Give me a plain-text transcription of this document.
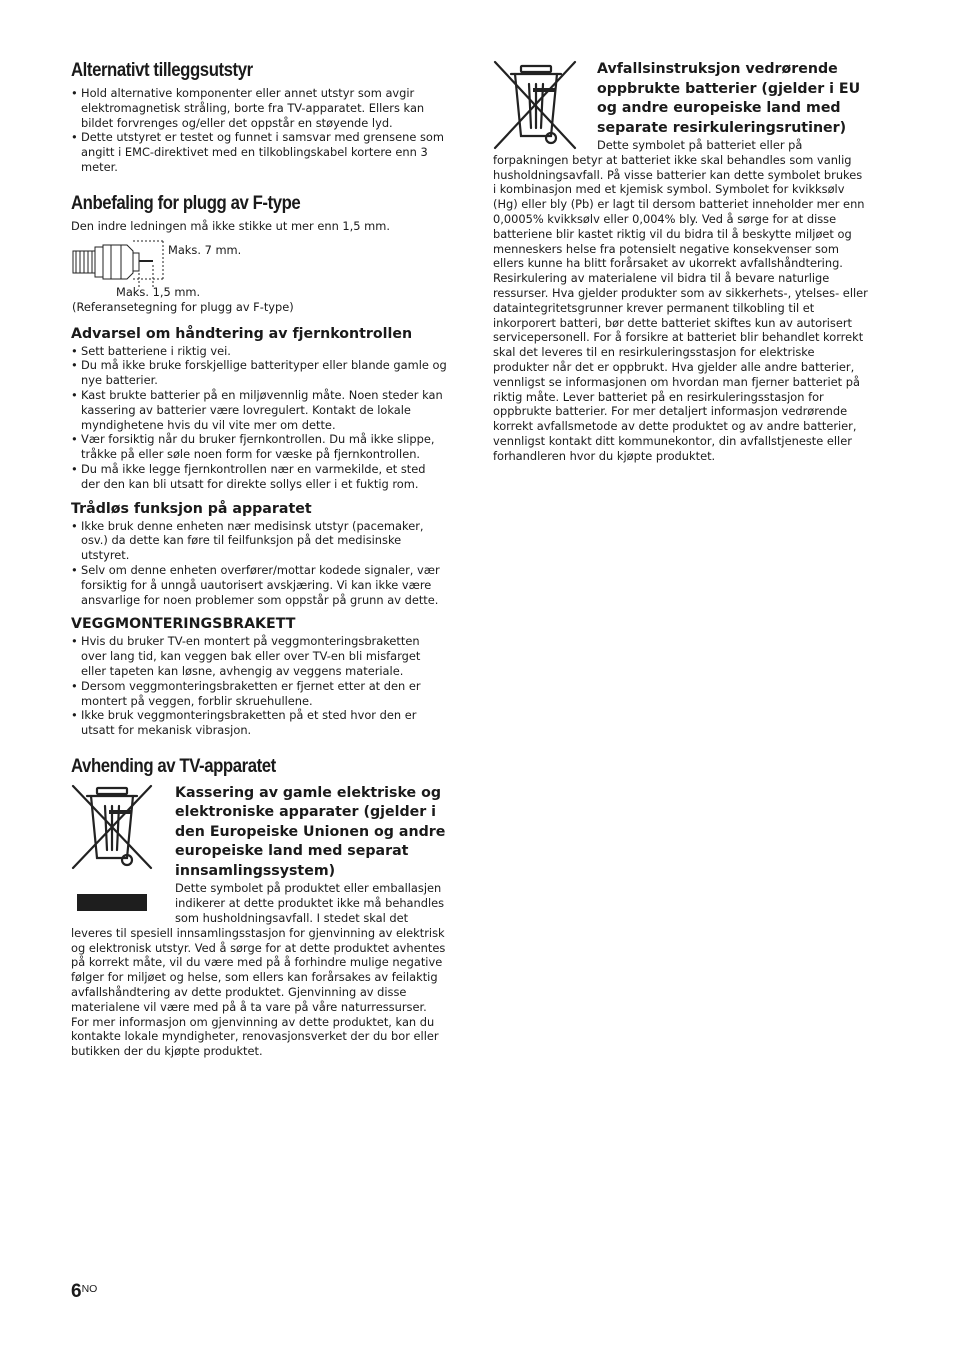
Alternativt tilleggsutstyr
• Hold alternative komponenter eller annet utstyr som avgir elektromagnetisk stråling, borte fra TV-apparatet. Ellers kan bildet forvrenges og/eller det oppstår en støyende lyd.
• Dette utstyret er testet og funnet i samsvar med grensene som angitt i EMC-direktivet med en tilkoblingskabel kortere enn 3 meter.
Anbefaling for plugg av F-type
Den indre ledningen må ikke stikke ut mer enn 1,5 mm.
Maks. 7 mm.
Maks. 1,5 mm.
(Referansetegning for plugg av F-type)
Advarsel om håndtering av fjernkontrollen
• Sett batteriene i riktig vei.
• Du må ikke bruke forskjellige batterityper eller blande gamle og nye batterier.
• Kast brukte batterier på en miljøvennlig måte. Noen steder kan kassering av batterier være lovregulert. Kontakt de lokale myndighetene hvis du vil vite mer om dette.
• Vær forsiktig når du bruker fjernkontrollen. Du må ikke slippe, tråkke på eller søle noen form for væske på fjernkontrollen.
• Du må ikke legge fjernkontrollen nær en varmekilde, et sted der den kan bli utsatt for direkte sollys eller i et fuktig rom.
Trådløs funksjon på apparatet
• Ikke bruk denne enheten nær medisinsk utstyr (pacemaker, osv.) da dette kan føre til feilfunksjon på det medisinske utstyret.
• Selv om denne enheten overfører/mottar kodede signaler, vær forsiktig for å unngå uautorisert avskjæring. Vi kan ikke være ansvarlige for noen problemer som oppstår på grunn av dette.
VEGGMONTERINGSBRAKETT
• Hvis du bruker TV-en montert på veggmonteringsbraketten over lang tid, kan veggen bak eller over TV-en bli misfarget eller tapeten kan løsne, avhengig av veggens materiale.
• Dersom veggmonteringsbraketten er fjernet etter at den er montert på veggen, forblir skruehullene.
• Ikke bruk veggmonteringsbraketten på et sted hvor den er utsatt for mekanisk vibrasjon.
Avhending av TV-apparatet
Kassering av gamle elektriske og elektroniske apparater (gjelder i den Europeiske Unionen og andre europeiske land med separat innsamlingssystem)
Dette symbolet på produktet eller emballasjen indikerer at dette produktet ikke må behandles som husholdningsavfall. I stedet skal det leveres til spesiell innsamlingsstasjon for gjenvinning av elektrisk og elektronisk utstyr. Ved å sørge for at dette produktet avhentes på korrekt måte, vil du være med på å forhindre mulige negative følger for miljøet og helse, som ellers kan forårsakes av feilaktig avfallshåndtering av dette produktet. Gjenvinning av disse materialene vil være med på å ta vare på våre naturressurser. For mer informasjon om gjenvinning av dette produktet, kan du kontakte lokale myndigheter, renovasjonsverket der du bor eller butikken der du kjøpte produktet.
Avfallsinstruksjon vedrørende oppbrukte batterier (gjelder i EU og andre europeiske land med separate resirkuleringsrutiner)
Dette symbolet på batteriet eller på forpakningen betyr at batteriet ikke skal behandles som vanlig husholdningsavfall. På visse batterier kan dette symbolet brukes i kombinasjon med et kjemisk symbol. Symbolet for kvikksølv (Hg) eller bly (Pb) er lagt til dersom batteriet inneholder mer enn 0,0005% kvikksølv eller 0,004% bly. Ved å sørge for at disse batteriene blir kastet riktig vil du bidra til å beskytte miljøet og menneskers helse fra potensielt negative konsekvenser som ellers kunne ha blitt forårsaket av ukorrekt avfallshåndtering. Resirkulering av materialene vil bidra til å bevare naturlige ressurser. Hva gjelder produkter som av sikkerhets-, ytelses- eller dataintegritetsgrunner krever permanent tilkobling til et inkorporert batteri, bør dette batteriet skiftes kun av autorisert servicepersonell. For å forsikre at batteriet blir behandlet korrekt skal det leveres til en resirkuleringsstasjon for elektriske produkter når det er oppbrukt. Hva gjelder alle andre batterier, vennligst se informasjonen om hvordan man fjerner batteriet på riktig måte. Lever batteriet på en resirkuleringsstasjon for oppbrukte batterier. For mer detaljert informasjon vedrørende korrekt avfallsmetode av dette produktet og av andre batterier, vennligst kontakt ditt kommunekontor, din avfallstjeneste eller forhandleren hvor du kjøpte produktet.
$6^{NO}$
